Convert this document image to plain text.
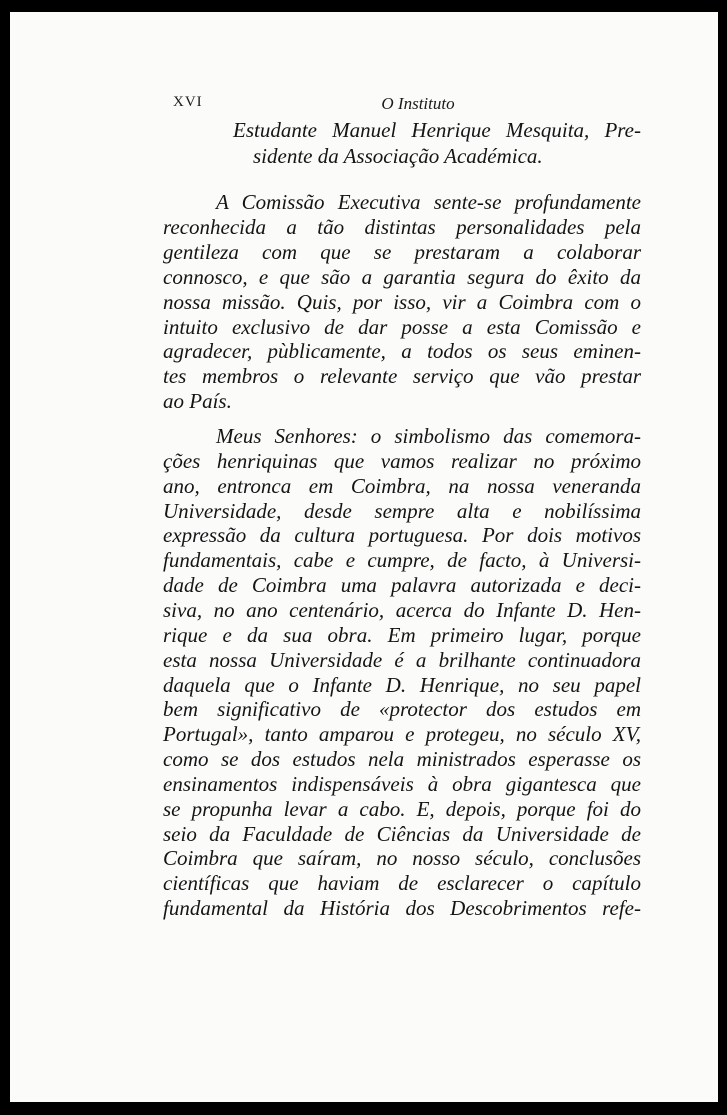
XVI	O Instituto
Estudante Manuel Henrique Mesquita, Pre-
sidente da Associação Académica.
A Comissão Executiva sente-se profundamente
reconhecida a tão distintas personalidades pela
gentileza com que se prestaram a colaborar
connosco, e que são a garantia segura do êxito da
nossa missão. Quis, por isso, vir a Coimbra com o
intuito exclusivo de dar posse a esta Comissão e
agradecer, pùblicamente, a todos os seus eminen-
tes membros o relevante serviço que vão prestar
ao País.
Meus Senhores: o simbolismo das comemora-
ções henriquinas que vamos realizar no próximo
ano, entronca em Coimbra, na nossa veneranda
Universidade, desde sempre alta e nobilíssima
expressão da cultura portuguesa. Por dois motivos
fundamentais, cabe e cumpre, de facto, à Universi-
dade de Coimbra uma palavra autorizada e deci-
siva, no ano centenário, acerca do Infante D. Hen-
rique e da sua obra. Em primeiro lugar, porque
esta nossa Universidade é a brilhante continuadora
daquela que o Infante D. Henrique, no seu papel
bem significativo de «protector dos estudos em
Portugal», tanto amparou e protegeu, no século XV,
como se dos estudos nela ministrados esperasse os
ensinamentos indispensáveis à obra gigantesca que
se propunha levar a cabo. E, depois, porque foi do
seio da Faculdade de Ciências da Universidade de
Coimbra que saíram, no nosso século, conclusões
científicas que haviam de esclarecer o capítulo
fundamental da História dos Descobrimentos refe-
